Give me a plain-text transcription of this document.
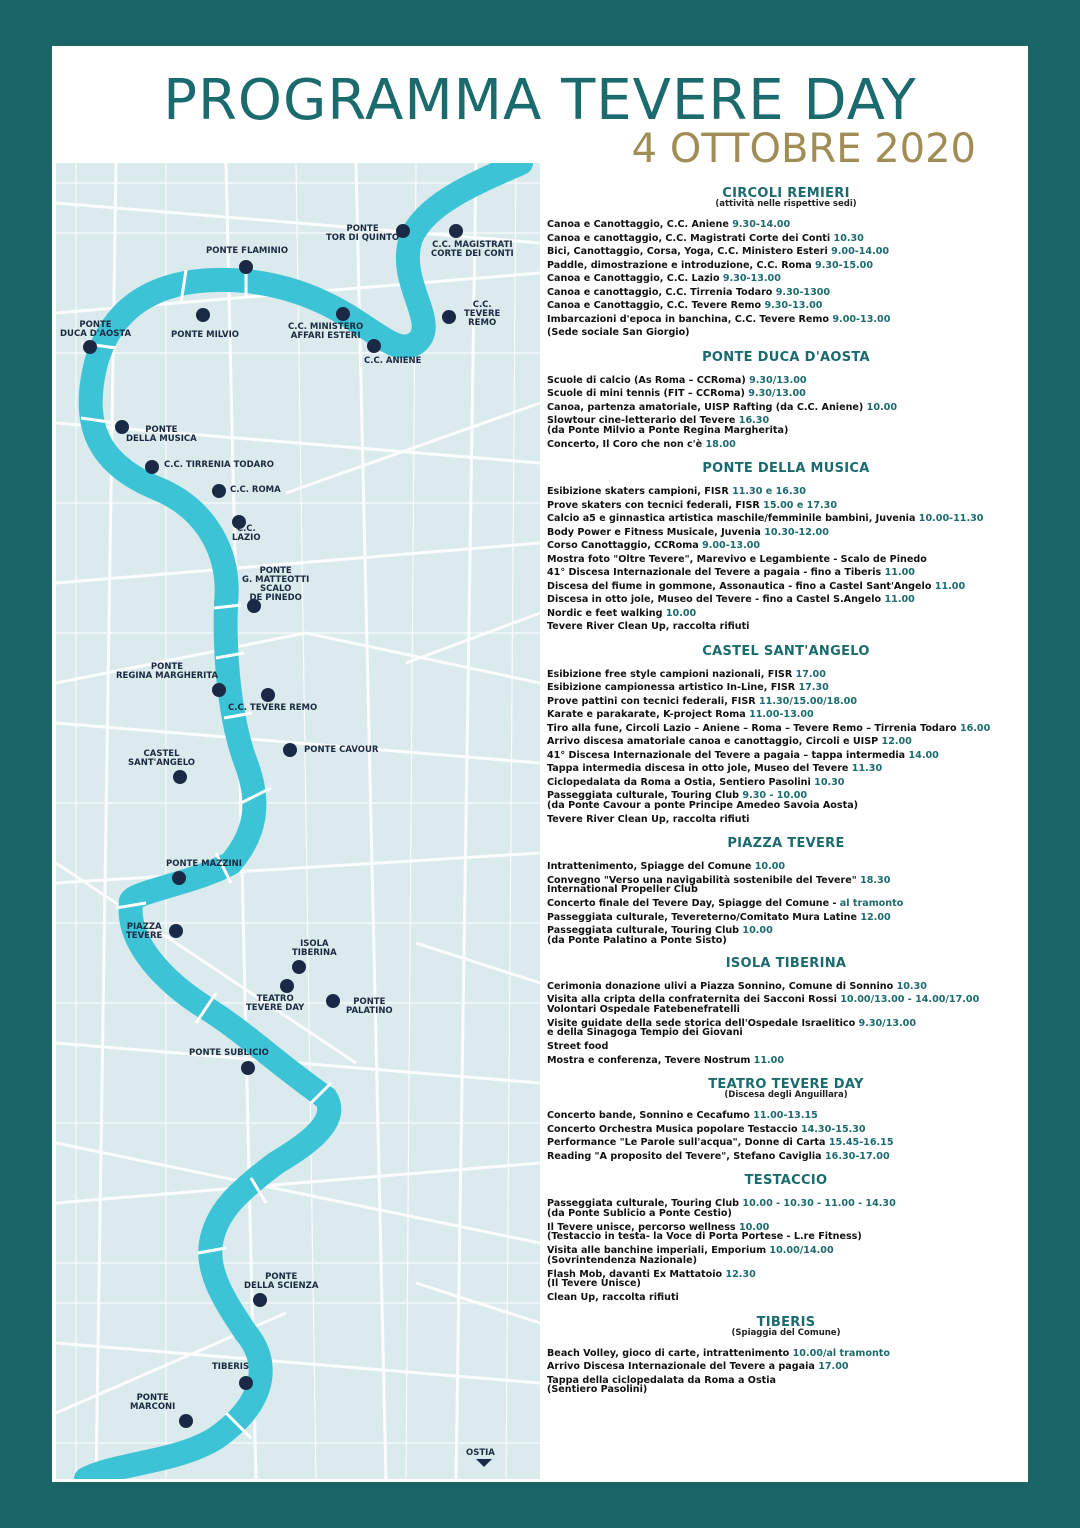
PROGRAMMA TEVERE DAY
4 OTTOBRE 2020
PONTE
TOR DI QUINTO
C.C. MAGISTRATI
CORTE DEI CONTI
PONTE FLAMINIO
C.C.
TEVERE
REMO
PONTE
DUCA D'AOSTA	PONTE MILVIO
C.C. MINISTERO
AFFARI ESTERI
C.C. ANIENE
PONTE
DELLA MUSICA
C.C. TIRRENIA TODARO
C.C. ROMA
C.C.
LAZIO
PONTE
G. MATTEOTTI
SCALO
DE PINEDO
PONTE
REGINA MARGHERITA
C.C. TEVERE REMO
PONTE CAVOUR
CASTEL
SANT'ANGELO
PONTE MAZZINI
PIAZZA
TEVERE
ISOLA
TIBERINA
TEATRO
TEVERE DAY
PONTE
PALATINO
PONTE SUBLICIO
PONTE
DELLA SCIENZA
TIBERIS
PONTE
MARCONI
OSTIA
CIRCOLI REMIERI
(attività nelle rispettive sedi)
Canoa e Canottaggio, C.C. Aniene 9.30-14.00
Canoa e canottaggio, C.C. Magistrati Corte dei Conti 10.30
Bici, Canottaggio, Corsa, Yoga, C.C. Ministero Esteri 9.00-14.00
Paddle, dimostrazione e introduzione, C.C. Roma 9.30-15.00
Canoa e Canottaggio, C.C. Lazio 9.30-13.00
Canoa e canottaggio, C.C. Tirrenia Todaro 9.30-1300
Canoa e Canottaggio, C.C. Tevere Remo 9.30-13.00
Imbarcazioni d'epoca in banchina, C.C. Tevere Remo 9.00-13.00
(Sede sociale San Giorgio)
PONTE DUCA D'AOSTA
Scuole di calcio (As Roma – CCRoma) 9.30/13.00
Scuole di mini tennis (FIT – CCRoma) 9.30/13.00
Canoa, partenza amatoriale, UISP Rafting (da C.C. Aniene) 10.00
Slowtour cine-letterario del Tevere 16.30
(da Ponte Milvio a Ponte Regina Margherita)
Concerto, Il Coro che non c'è 18.00
PONTE DELLA MUSICA
Esibizione skaters campioni, FISR 11.30 e 16.30
Prove skaters con tecnici federali, FISR 15.00 e 17.30
Calcio a5 e ginnastica artistica maschile/femminile bambini, Juvenia 10.00-11.30
Body Power e Fitness Musicale, Juvenia 10.30-12.00
Corso Canottaggio, CCRoma 9.00-13.00
Mostra foto "Oltre Tevere", Marevivo e Legambiente - Scalo de Pinedo
41° Discesa Internazionale del Tevere a pagaia - fino a Tiberis 11.00
Discesa del fiume in gommone, Assonautica - fino a Castel Sant'Angelo 11.00
Discesa in otto jole, Museo del Tevere - fino a Castel S.Angelo 11.00
Nordic e feet walking 10.00
Tevere River Clean Up, raccolta rifiuti
CASTEL SANT'ANGELO
Esibizione free style campioni nazionali, FISR 17.00
Esibizione campionessa artistico In-Line, FISR 17.30
Prove pattini con tecnici federali, FISR 11.30/15.00/18.00
Karate e parakarate, K-project Roma 11.00-13.00
Tiro alla fune, Circoli Lazio – Aniene – Roma – Tevere Remo – Tirrenia Todaro 16.00
Arrivo discesa amatoriale canoa e canottaggio, Circoli e UISP 12.00
41° Discesa Internazionale del Tevere a pagaia – tappa intermedia 14.00
Tappa intermedia discesa in otto jole, Museo del Tevere 11.30
Ciclopedalata da Roma a Ostia, Sentiero Pasolini 10.30
Passeggiata culturale, Touring Club 9.30 - 10.00
(da Ponte Cavour a ponte Principe Amedeo Savoia Aosta)
Tevere River Clean Up, raccolta rifiuti
PIAZZA TEVERE
Intrattenimento, Spiagge del Comune 10.00
Convegno "Verso una navigabilità sostenibile del Tevere" 18.30
International Propeller Club
Concerto finale del Tevere Day, Spiagge del Comune - al tramonto
Passeggiata culturale, Tevereterno/Comitato Mura Latine 12.00
Passeggiata culturale, Touring Club 10.00
(da Ponte Palatino a Ponte Sisto)
ISOLA TIBERINA
Cerimonia donazione ulivi a Piazza Sonnino, Comune di Sonnino 10.30
Visita alla cripta della confraternita dei Sacconi Rossi 10.00/13.00 - 14.00/17.00
Volontari Ospedale Fatebenefratelli
Visite guidate della sede storica dell'Ospedale Israelitico 9.30/13.00
e della Sinagoga Tempio dei Giovani
Street food
Mostra e conferenza, Tevere Nostrum 11.00
TEATRO TEVERE DAY
(Discesa degli Anguillara)
Concerto bande, Sonnino e Cecafumo 11.00-13.15
Concerto Orchestra Musica popolare Testaccio 14.30-15.30
Performance "Le Parole sull'acqua", Donne di Carta 15.45-16.15
Reading "A proposito del Tevere", Stefano Caviglia 16.30-17.00
TESTACCIO
Passeggiata culturale, Touring Club 10.00 - 10.30 - 11.00 - 14.30
(da Ponte Sublicio a Ponte Cestio)
Il Tevere unisce, percorso wellness 10.00
(Testaccio in testa- la Voce di Porta Portese - L.re Fitness)
Visita alle banchine imperiali, Emporium 10.00/14.00
(Sovrintendenza Nazionale)
Flash Mob, davanti Ex Mattatoio 12.30
(Il Tevere Unisce)
Clean Up, raccolta rifiuti
TIBERIS
(Spiaggia del Comune)
Beach Volley, gioco di carte, intrattenimento 10.00/al tramonto
Arrivo Discesa Internazionale del Tevere a pagaia 17.00
Tappa della ciclopedalata da Roma a Ostia
(Sentiero Pasolini)
